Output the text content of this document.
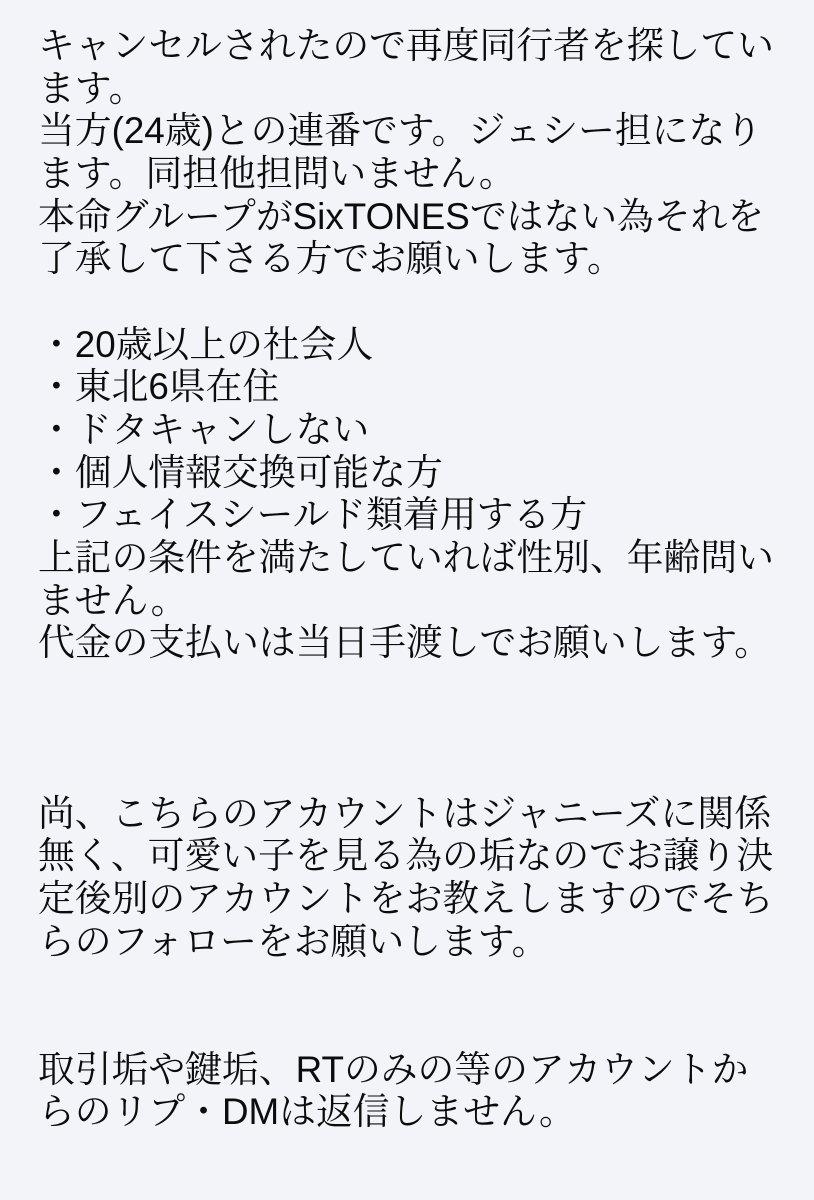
キャンセルされたので再度同行者を探してい
ます。
当方(24歳)との連番です。ジェシー担になり
ます。同担他担問いません。
本命グループがSixTONESではない為それを
了承して下さる方でお願いします。
・20歳以上の社会人
・東北6県在住
・ドタキャンしない
・個人情報交換可能な方
・フェイスシールド類着用する方
上記の条件を満たしていれば性別、年齢問い
ません。
代金の支払いは当日手渡しでお願いします。
尚、こちらのアカウントはジャニーズに関係
無く、可愛い子を見る為の垢なのでお譲り決
定後別のアカウントをお教えしますのでそち
らのフォローをお願いします。
取引垢や鍵垢、RTのみの等のアカウントか
らのリプ・DMは返信しません。
